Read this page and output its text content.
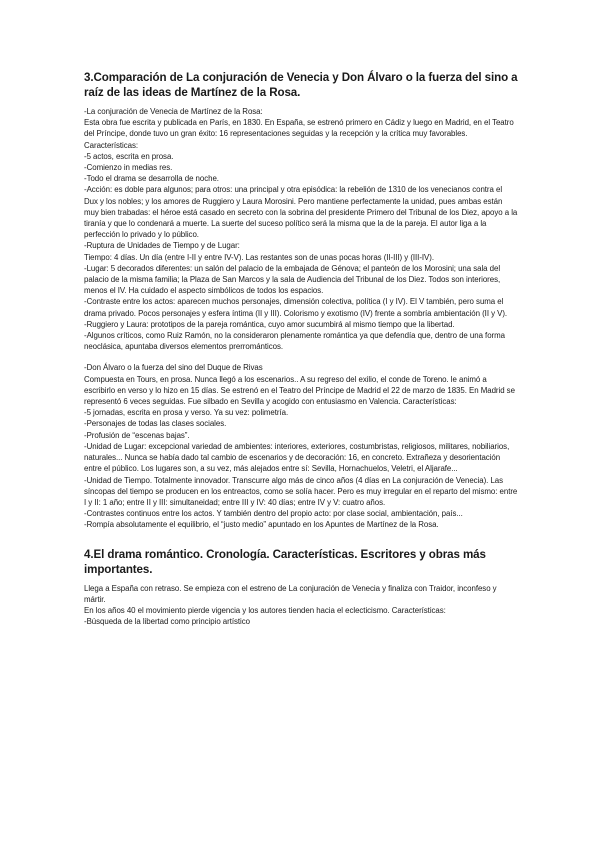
3.Comparación de La conjuración de Venecia y Don Álvaro o la fuerza del sino a raíz de las ideas de Martínez de la Rosa.

-La conjuración de Venecia de Martínez de la Rosa:

Esta obra fue escrita y publicada en París, en 1830. En España, se estrenó primero en Cádiz y luego en Madrid, en el Teatro del Príncipe, donde tuvo un gran éxito: 16 representaciones seguidas y la recepción y la crítica muy favorables. Características:

-5 actos, escrita en prosa.

-Comienzo in medias res.

-Todo el drama se desarrolla de noche.

-Acción: es doble para algunos; para otros: una principal y otra episódica: la rebelión de 1310 de los venecianos contra el Dux y los nobles; y los amores de Ruggiero y Laura Morosini. Pero mantiene perfectamente la unidad, pues ambas están muy bien trabadas: el héroe está casado en secreto con la sobrina del presidente Primero del Tribunal de los Diez, apoyo a la tiranía y que lo condenará a muerte. La suerte del suceso político será la misma que la de la pareja. El autor liga a la perfección lo privado y lo público.

-Ruptura de Unidades de Tiempo y de Lugar:

Tiempo: 4 días. Un día (entre I-II y entre IV-V). Las restantes son de unas pocas horas (II-III) y (III-IV).

-Lugar: 5 decorados diferentes: un salón del palacio de la embajada de Génova; el panteón de los Morosini; una sala del palacio de la misma familia; la Plaza de San Marcos y la sala de Audiencia del Tribunal de los Diez. Todos son interiores, menos el IV. Ha cuidado el aspecto simbólicos de todos los espacios.

-Contraste entre los actos: aparecen muchos personajes, dimensión colectiva, política (I y IV). El V también, pero suma el drama privado. Pocos personajes y esfera íntima (II y III). Colorismo y exotismo (IV) frente a sombría ambientación (II y V).

-Ruggiero y Laura: prototipos de la pareja romántica, cuyo amor sucumbirá al mismo tiempo que la libertad.

-Algunos críticos, como Ruiz Ramón, no la consideraron plenamente romántica ya que defendía que, dentro de una forma neoclásica, apuntaba diversos elementos prerrománticos.

-Don Álvaro o la fuerza del sino del Duque de Rivas

Compuesta en Tours, en prosa. Nunca llegó a los escenarios.. A su regreso del exilio, el conde de Toreno. le animó a escribirlo en verso y lo hizo en 15 días. Se estrenó en el Teatro del Príncipe de Madrid el 22 de marzo de 1835. En Madrid se representó 6 veces seguidas. Fue silbado en Sevilla y acogido con entusiasmo en Valencia. Características:

-5 jornadas, escrita en prosa y verso. Ya su vez: polimetría.

-Personajes de todas las clases sociales.

-Profusión de “escenas bajas”.

-Unidad de Lugar: excepcional variedad de ambientes: interiores, exteriores, costumbristas, religiosos, militares, nobiliarios, naturales... Nunca se había dado tal cambio de escenarios y de decoración: 16, en concreto. Extrañeza y desorientación entre el público. Los lugares son, a su vez, más alejados entre sí: Sevilla, Hornachuelos, Veletri, el Aljarafe...

-Unidad de Tiempo. Totalmente innovador. Transcurre algo más de cinco años (4 días en La conjuración de Venecia). Las síncopas del tiempo se producen en los entreactos, como se solía hacer. Pero es muy irregular en el reparto del mismo: entre I y II: 1 año; entre II y III: simultaneidad; entre III y IV: 40 días; entre IV y V: cuatro años.

-Contrastes continuos entre los actos. Y también dentro del propio acto: por clase social, ambientación, país...

-Rompía absolutamente el equilibrio, el “justo medio” apuntado en los Apuntes de Martínez de la Rosa.

4.El drama romántico. Cronología. Características. Escritores y obras más importantes.

Llega a España con retraso. Se empieza con el estreno de La conjuración de Venecia y finaliza con Traidor, inconfeso y mártir.

En los años 40 el movimiento pierde vigencia y los autores tienden hacia el eclecticismo. Características:

-Búsqueda de la libertad como principio artístico
